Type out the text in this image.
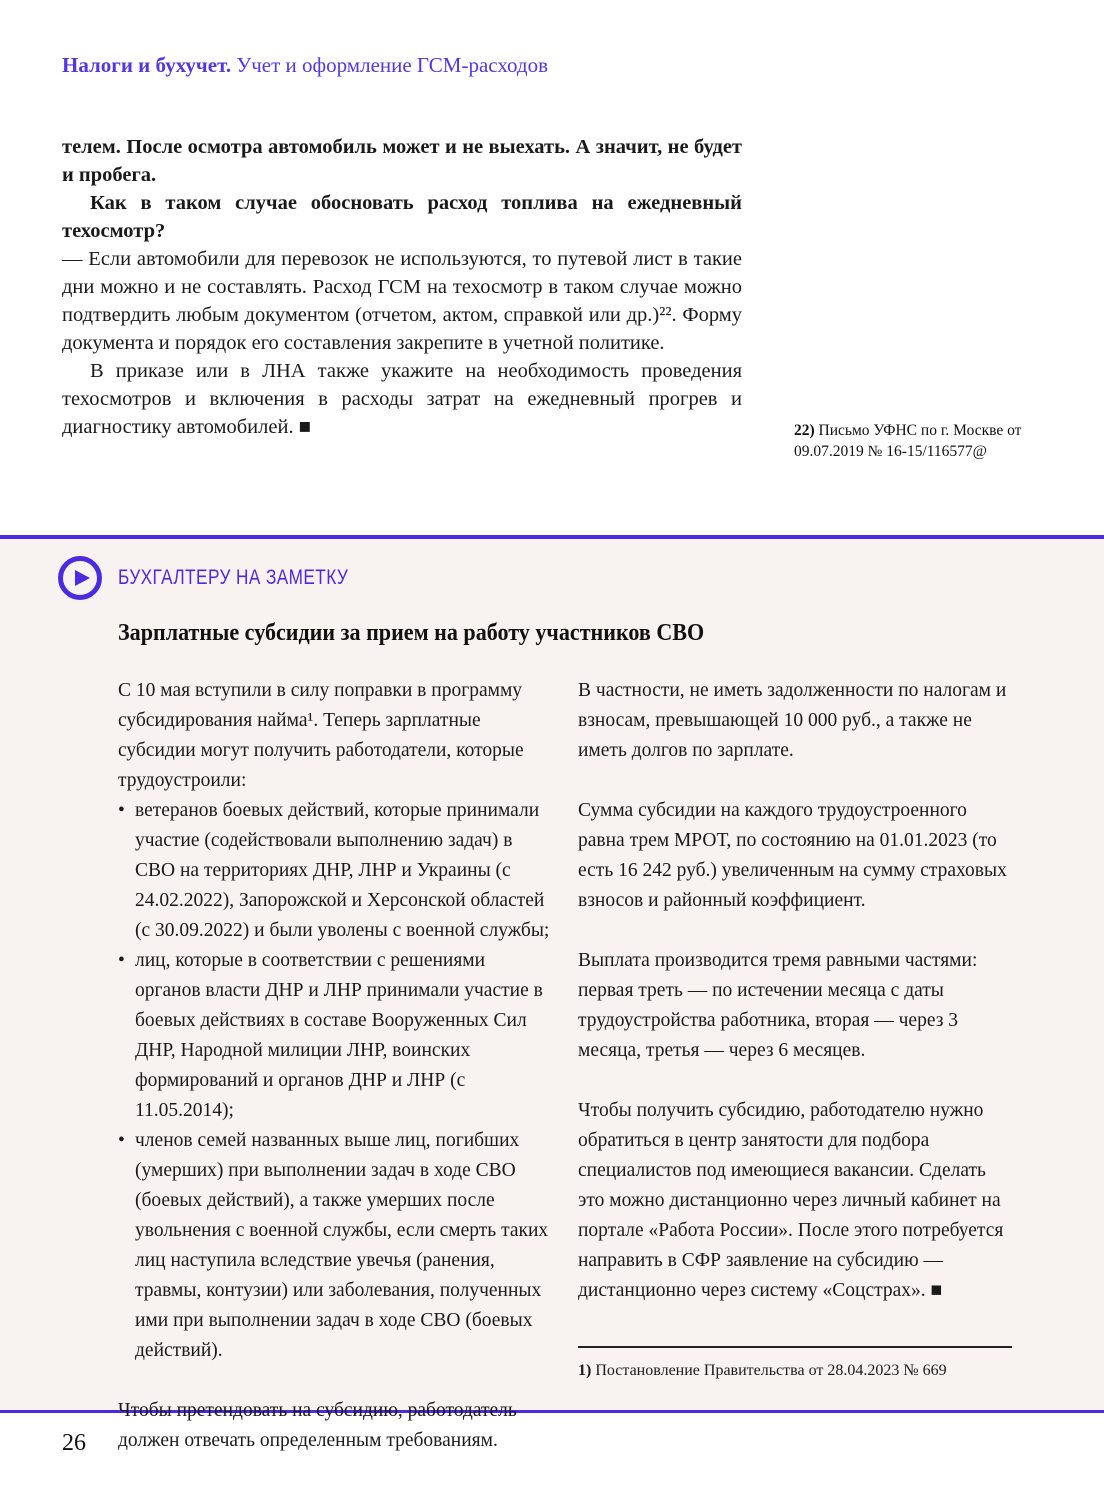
Налоги и бухучет. Учет и оформление ГСМ-расходов

телем. После осмотра автомобиль может и не выехать. А значит, не будет и пробега.

Как в таком случае обосновать расход топлива на ежедневный техосмотр?

— Если автомобили для перевозок не используются, то путевой лист в такие дни можно и не составлять. Расход ГСМ на техосмотр в таком случае можно подтвердить любым документом (отчетом, актом, справкой или др.)²². Форму документа и порядок его составления закрепите в учетной политике.

В приказе или в ЛНА также укажите на необходимость проведения техосмотров и включения в расходы затрат на ежедневный прогрев и диагностику автомобилей. ■	22) Письмо УФНС по г. Москве от 09.07.2019 № 16-15/116577@
БУХГАЛТЕРУ НА ЗАМЕТКУ
Зарплатные субсидии за прием на работу участников СВО

С 10 мая вступили в силу поправки в программу субсидирования найма¹. Теперь зарплатные субсидии могут получить работодатели, которые трудоустроили:

• ветеранов боевых действий, которые принимали участие (содействовали выполнению задач) в СВО на территориях ДНР, ЛНР и Украины (с 24.02.2022), Запорожской и Херсонской областей (с 30.09.2022) и были уволены с военной службы;
• лиц, которые в соответствии с решениями органов власти ДНР и ЛНР принимали участие в боевых действиях в составе Вооруженных Сил ДНР, Народной милиции ЛНР, воинских формирований и органов ДНР и ЛНР (с 11.05.2014);
• членов семей названных выше лиц, погибших (умерших) при выполнении задач в ходе СВО (боевых действий), а также умерших после увольнения с военной службы, если смерть таких лиц наступила вследствие увечья (ранения, травмы, контузии) или заболевания, полученных ими при выполнении задач в ходе СВО (боевых действий).

Чтобы претендовать на субсидию, работодатель должен отвечать определенным требованиям.

В частности, не иметь задолженности по налогам и взносам, превышающей 10 000 руб., а также не иметь долгов по зарплате.

Сумма субсидии на каждого трудоустроенного равна трем МРОТ, по состоянию на 01.01.2023 (то есть 16 242 руб.) увеличенным на сумму страховых взносов и районный коэффициент.

Выплата производится тремя равными частями: первая треть — по истечении месяца с даты трудоустройства работника, вторая — через 3 месяца, третья — через 6 месяцев.

Чтобы получить субсидию, работодателю нужно обратиться в центр занятости для подбора специалистов под имеющиеся вакансии. Сделать это можно дистанционно через личный кабинет на портале «Работа России». После этого потребуется направить в СФР заявление на субсидию — дистанционно через систему «Соцстрах». ■

1) Постановление Правительства от 28.04.2023 № 669
26
